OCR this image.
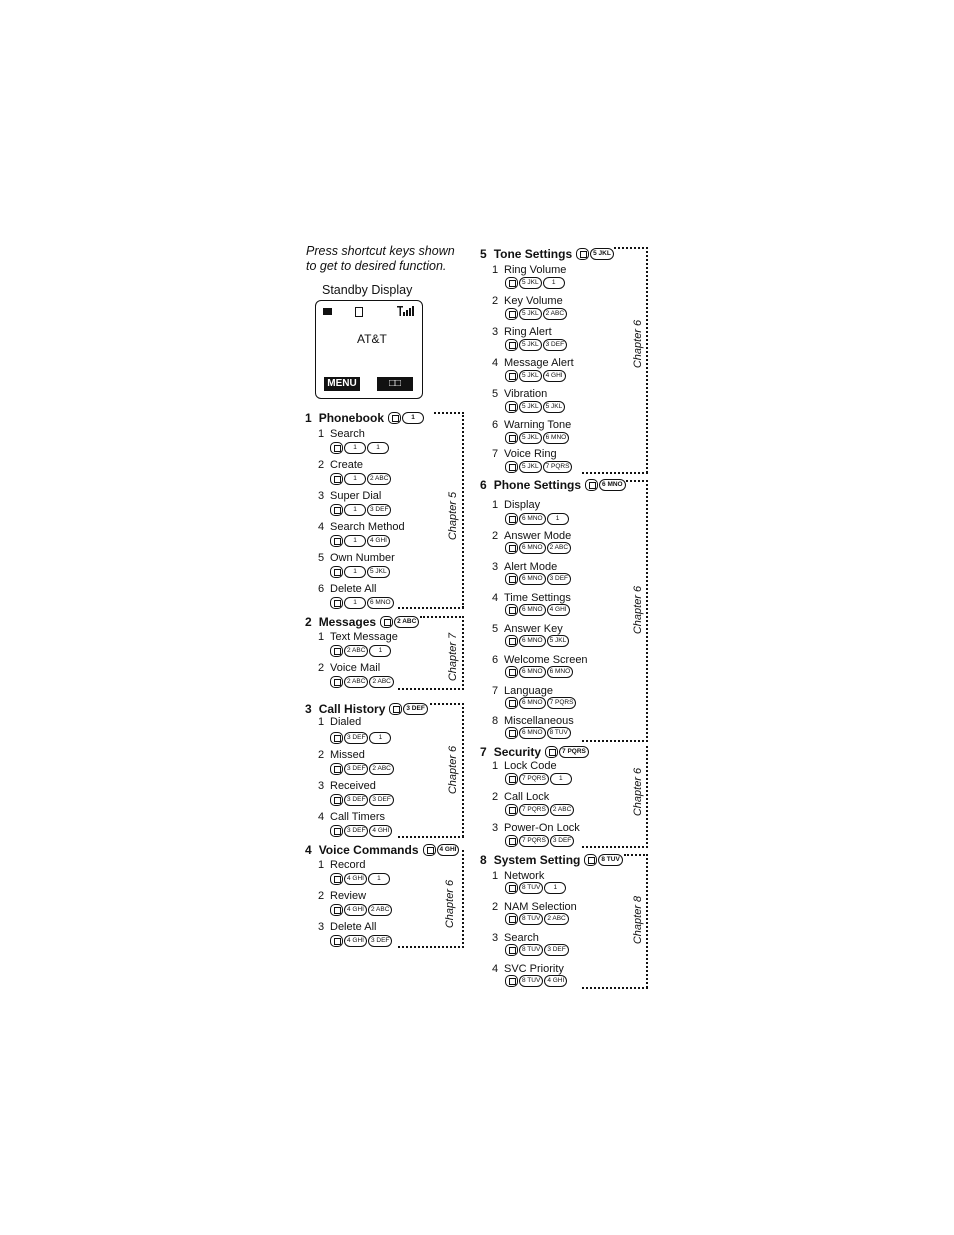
Press shortcut keys shown
to get to desired function.
Standby Display
AT&T
MENU	□□
1 Phonebook	1
1 Search
1	1
2 Create
1	2 ABC
3 Super Dial
1	3 DEF
4 Search Method
1	4 GHI
5 Own Number
1	5 JKL
6 Delete All
1	6 MNO
Chapter 5
2 Messages	2 ABC
1 Text Message
2 ABC	1
2 Voice Mail
2 ABC	2 ABC
Chapter 7
3 Call History	3 DEF
1 Dialed
3 DEF	1
2 Missed
3 DEF	2 ABC
3 Received
3 DEF	3 DEF
4 Call Timers
3 DEF	4 GHI
Chapter 6
4 Voice Commands	4 GHI
1 Record
4 GHI	1
2 Review
4 GHI	2 ABC
3 Delete All
4 GHI	3 DEF
Chapter 6
5 Tone Settings	5 JKL
1 Ring Volume
5 JKL	1
2 Key Volume
5 JKL	2 ABC
3 Ring Alert
5 JKL	3 DEF
4 Message Alert
5 JKL	4 GHI
5 Vibration
5 JKL	5 JKL
6 Warning Tone
5 JKL	6 MNO
7 Voice Ring
5 JKL	7 PQRS
Chapter 6
6 Phone Settings	6 MNO
1 Display
6 MNO	1
2 Answer Mode
6 MNO	2 ABC
3 Alert Mode
6 MNO	3 DEF
4 Time Settings
6 MNO	4 GHI
5 Answer Key
6 MNO	5 JKL
6 Welcome Screen
6 MNO	6 MNO
7 Language
6 MNO	7 PQRS
8 Miscellaneous
6 MNO	8 TUV
Chapter 6
7 Security	7 PQRS
1 Lock Code
7 PQRS	1
2 Call Lock
7 PQRS	2 ABC
3 Power-On Lock
7 PQRS	3 DEF
Chapter 6
8 System Setting	8 TUV
1 Network
8 TUV	1
2 NAM Selection
8 TUV	2 ABC
3 Search
8 TUV	3 DEF
4 SVC Priority
8 TUV	4 GHI
Chapter 8
